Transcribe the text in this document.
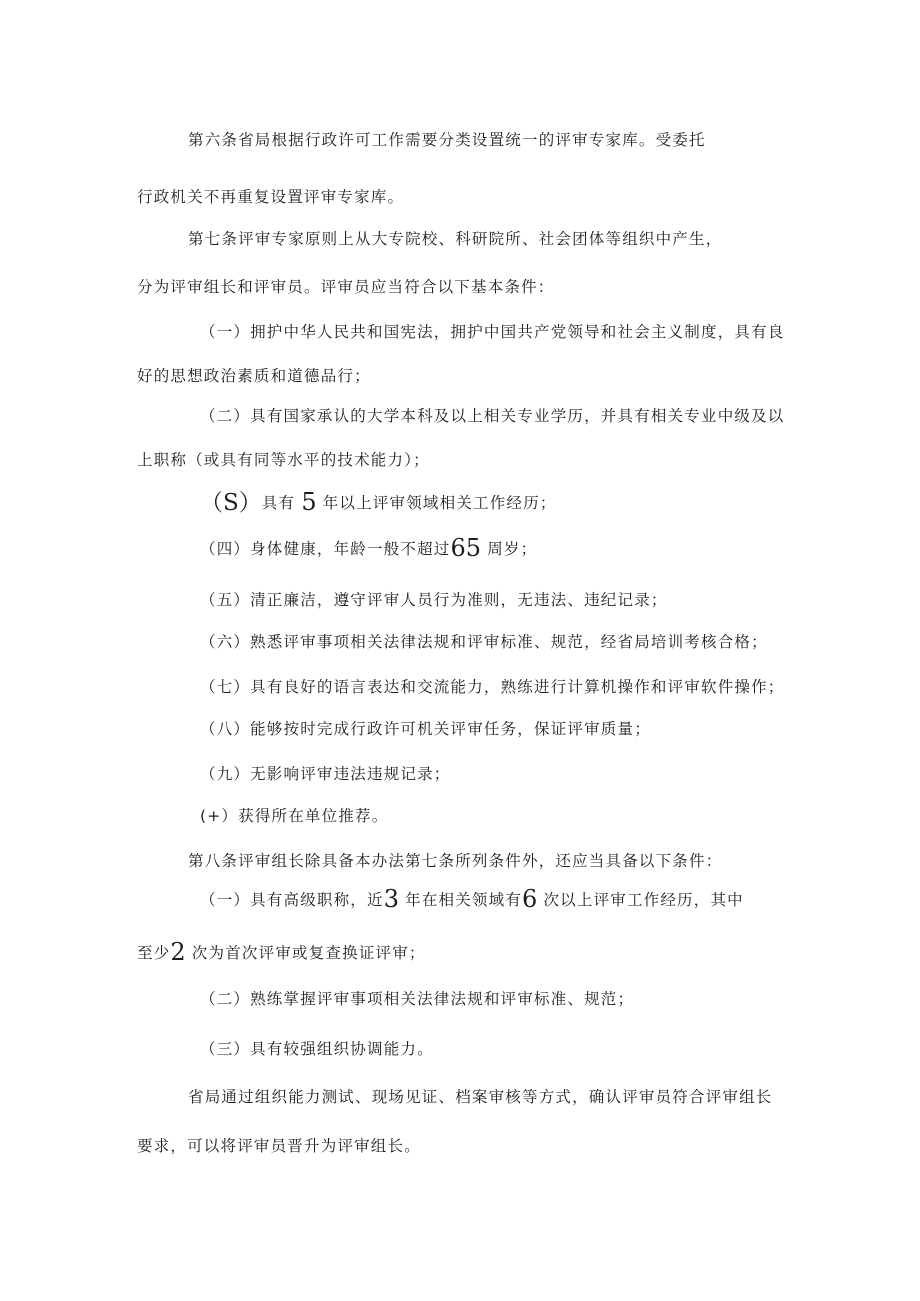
第六条省局根据行政许可工作需要分类设置统一的评审专家库。受委托
行政机关不再重复设置评审专家库。
第七条评审专家原则上从大专院校、科研院所、社会团体等组织中产生，
分为评审组长和评审员。评审员应当符合以下基本条件：
（一）拥护中华人民共和国宪法，拥护中国共产党领导和社会主义制度，具有良
好的思想政治素质和道德品行；
（二）具有国家承认的大学本科及以上相关专业学历，并具有相关专业中级及以
上职称（或具有同等水平的技术能力）；
（S）具有 5 年以上评审领域相关工作经历；
（四）身体健康，年龄一般不超过65 周岁；
（五）清正廉洁，遵守评审人员行为准则，无违法、违纪记录；
（六）熟悉评审事项相关法律法规和评审标准、规范，经省局培训考核合格；
（七）具有良好的语言表达和交流能力，熟练进行计算机操作和评审软件操作；
（八）能够按时完成行政许可机关评审任务，保证评审质量；
（九）无影响评审违法违规记录；
(+）获得所在单位推荐。
第八条评审组长除具备本办法第七条所列条件外，还应当具备以下条件：
（一）具有高级职称，近3 年在相关领域有6 次以上评审工作经历，其中
至少2 次为首次评审或复查换证评审；
（二）熟练掌握评审事项相关法律法规和评审标准、规范；
（三）具有较强组织协调能力。
省局通过组织能力测试、现场见证、档案审核等方式，确认评审员符合评审组长
要求，可以将评审员晋升为评审组长。
